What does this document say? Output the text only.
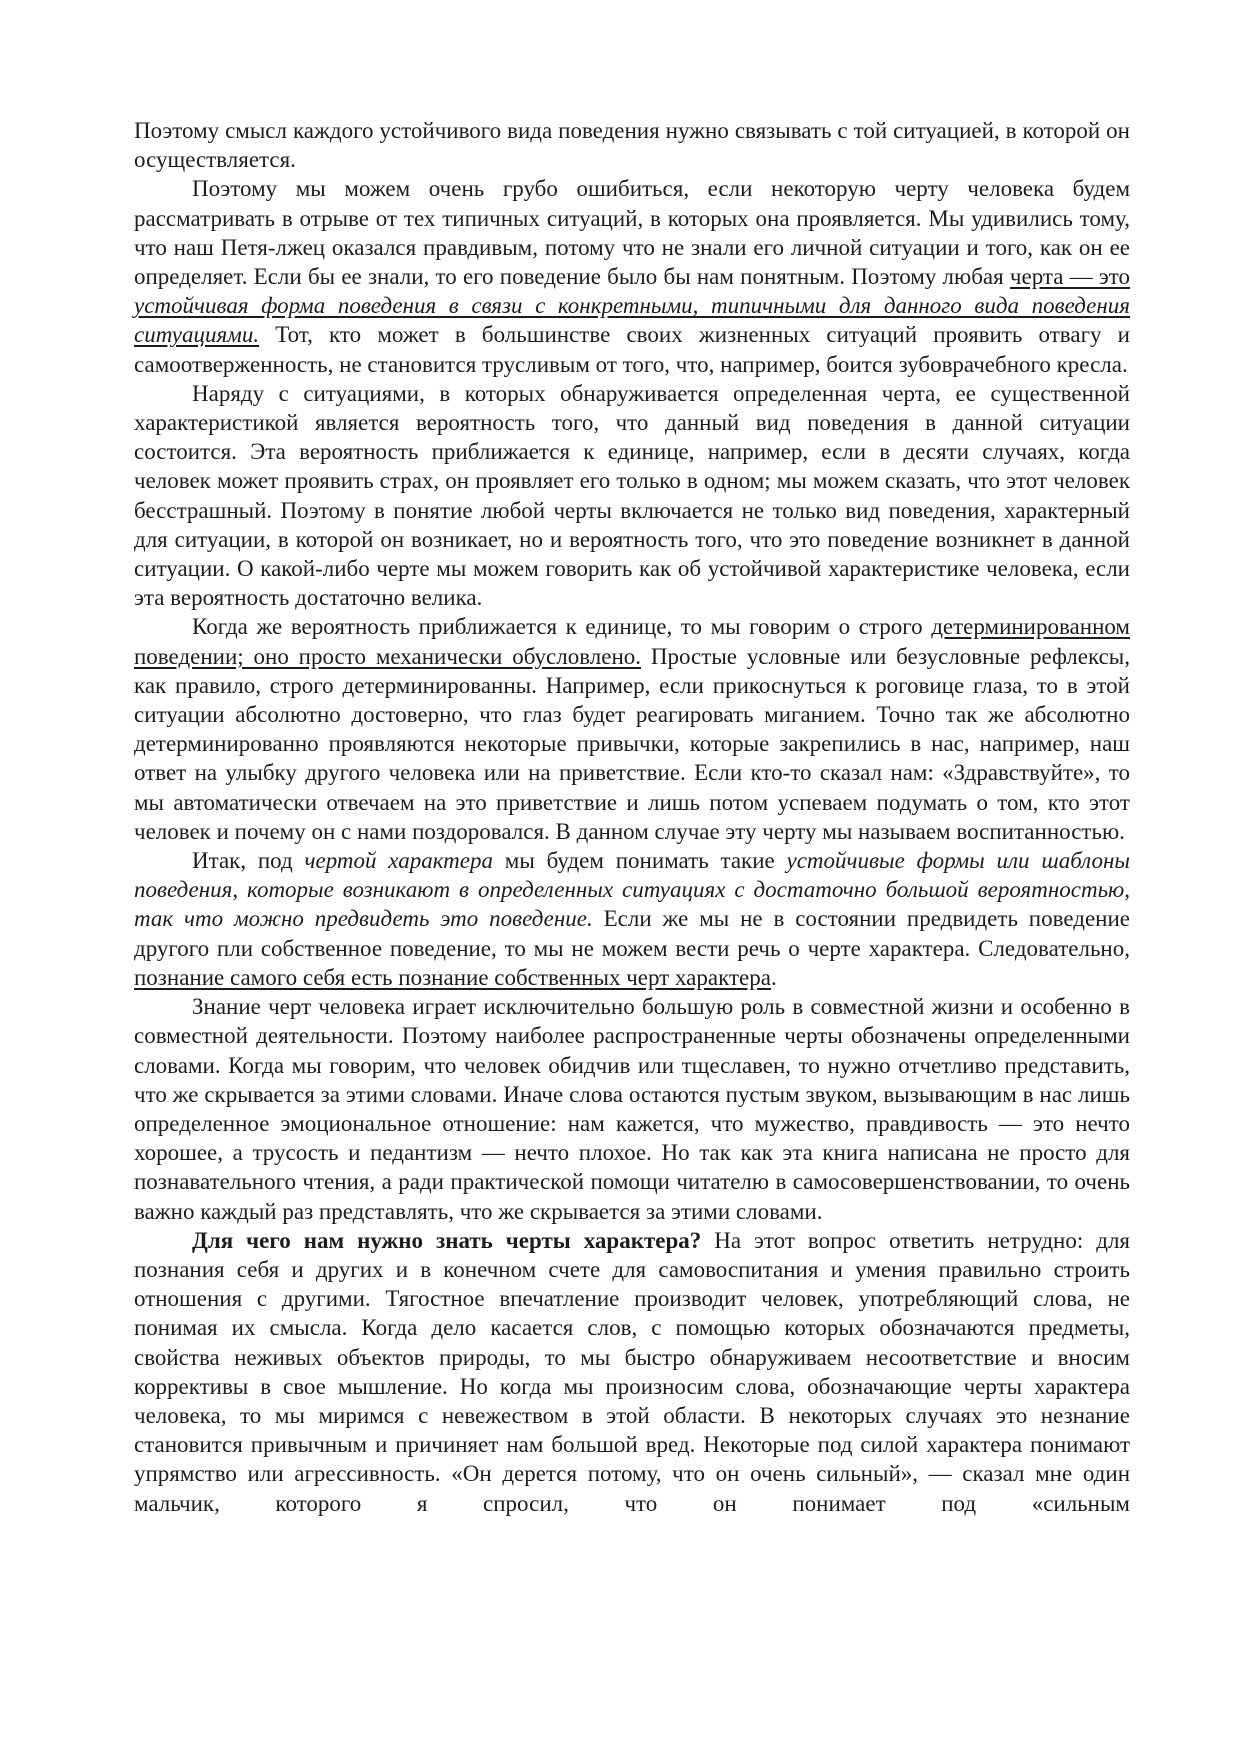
Поэтому смысл каждого устойчивого вида поведения нужно связывать с той ситуацией, в которой он осуществляется.

Поэтому мы можем очень грубо ошибиться, если некоторую черту человека будем рассматривать в отрыве от тех типичных ситуаций, в которых она проявляется. Мы удивились тому, что наш Петя-лжец оказался правдивым, потому что не знали его личной ситуации и того, как он ее определяет. Если бы ее знали, то его поведение было бы нам понятным. Поэтому любая черта — это устойчивая форма поведения в связи с конкретными, типичными для данного вида поведения ситуациями. Тот, кто может в большинстве своих жизненных ситуаций проявить отвагу и самоотверженность, не становится трусливым от того, что, например, боится зубоврачебного кресла.

Наряду с ситуациями, в которых обнаруживается определенная черта, ее существенной характеристикой является вероятность того, что данный вид поведения в данной ситуации состоится. Эта вероятность приближается к единице, например, если в десяти случаях, когда человек может проявить страх, он проявляет его только в одном; мы можем сказать, что этот человек бесстрашный. Поэтому в понятие любой черты включается не только вид поведения, характерный для ситуации, в которой он возникает, но и вероятность того, что это поведение возникнет в данной ситуации. О какой-либо черте мы можем говорить как об устойчивой характеристике человека, если эта вероятность достаточно велика.

Когда же вероятность приближается к единице, то мы говорим о строго детерминированном поведении; оно просто механически обусловлено. Простые условные или безусловные рефлексы, как правило, строго детерминированны. Например, если прикоснуться к роговице глаза, то в этой ситуации абсолютно достоверно, что глаз будет реагировать миганием. Точно так же абсолютно детерминированно проявляются некоторые привычки, которые закрепились в нас, например, наш ответ на улыбку другого человека или на приветствие. Если кто-то сказал нам: «Здравствуйте», то мы автоматически отвечаем на это приветствие и лишь потом успеваем подумать о том, кто этот человек и почему он с нами поздоровался. В данном случае эту черту мы называем воспитанностью.

Итак, под чертой характера мы будем понимать такие устойчивые формы или шаблоны поведения, которые возникают в определенных ситуациях с достаточно большой вероятностью, так что можно предвидеть это поведение. Если же мы не в состоянии предвидеть поведение другого пли собственное поведение, то мы не можем вести речь о черте характера. Следовательно, познание самого себя есть познание собственных черт характера.

Знание черт человека играет исключительно большую роль в совместной жизни и особенно в совместной деятельности. Поэтому наиболее распространенные черты обозначены определенными словами. Когда мы говорим, что человек обидчив или тщеславен, то нужно отчетливо представить, что же скрывается за этими словами. Иначе слова остаются пустым звуком, вызывающим в нас лишь определенное эмоциональное отношение: нам кажется, что мужество, правдивость — это нечто хорошее, а трусость и педантизм — нечто плохое. Но так как эта книга написана не просто для познавательного чтения, а ради практической помощи читателю в самосовершенствовании, то очень важно каждый раз представлять, что же скрывается за этими словами.

Для чего нам нужно знать черты характера? На этот вопрос ответить нетрудно: для познания себя и других и в конечном счете для самовоспитания и умения правильно строить отношения с другими. Тягостное впечатление производит человек, употребляющий слова, не понимая их смысла. Когда дело касается слов, с помощью которых обозначаются предметы, свойства неживых объектов природы, то мы быстро обнаруживаем несоответствие и вносим коррективы в свое мышление. Но когда мы произносим слова, обозначающие черты характера человека, то мы миримся с невежеством в этой области. В некоторых случаях это незнание становится привычным и причиняет нам большой вред. Некоторые под силой характера понимают упрямство или агрессивность. «Он дерется потому, что он очень сильный», — сказал мне один мальчик, которого я спросил, что он понимает под «сильным
